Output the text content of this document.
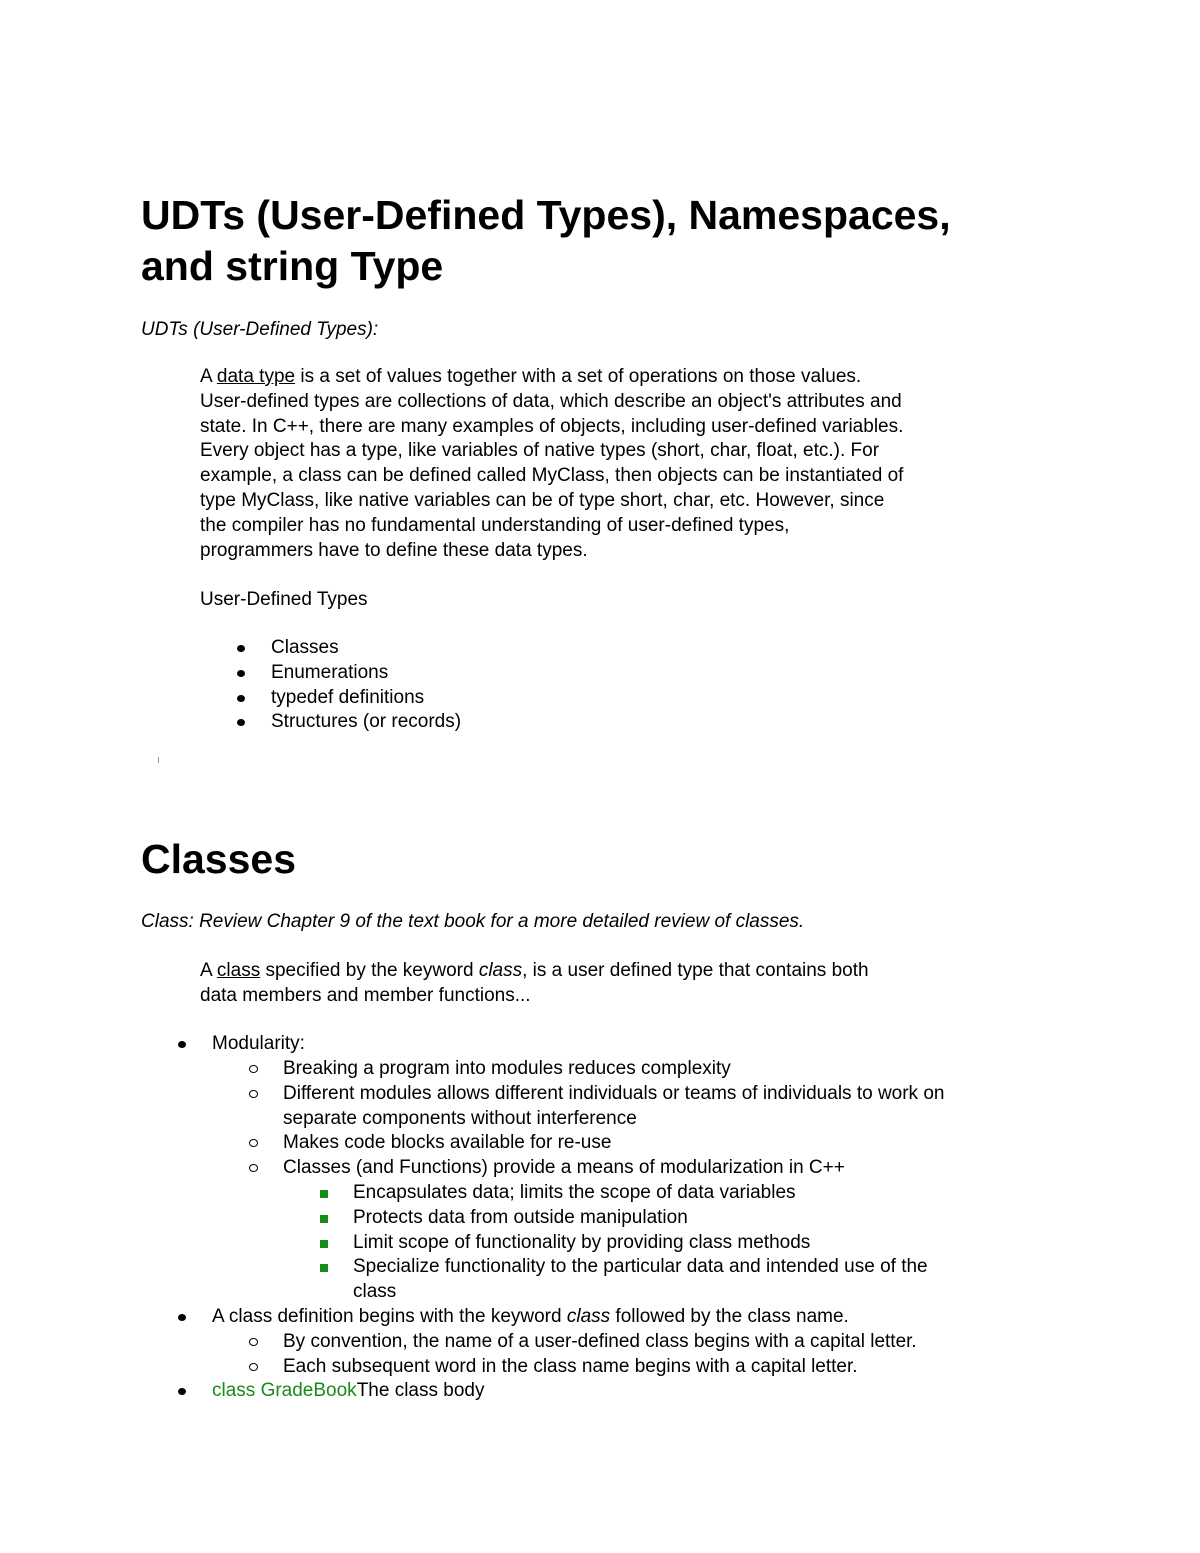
UDTs (User-Defined Types), Namespaces,
and string Type

UDTs (User-Defined Types):

A data type is a set of values together with a set of operations on those values.
User-defined types are collections of data, which describe an object's attributes and
state. In C++, there are many examples of objects, including user-defined variables.
Every object has a type, like variables of native types (short, char, float, etc.). For
example, a class can be defined called MyClass, then objects can be instantiated of
type MyClass, like native variables can be of type short, char, etc. However, since
the compiler has no fundamental understanding of user-defined types,
programmers have to define these data types.

User-Defined Types

Classes
Enumerations
typedef definitions
Structures (or records)
Classes

Class: Review Chapter 9 of the text book for a more detailed review of classes.

A class specified by the keyword class, is a user defined type that contains both
data members and member functions...
Modularity:
Breaking a program into modules reduces complexity
Different modules allows different individuals or teams of individuals to work on
separate components without interference
Makes code blocks available for re-use
Classes (and Functions) provide a means of modularization in C++
Encapsulates data; limits the scope of data variables
Protects data from outside manipulation
Limit scope of functionality by providing class methods
Specialize functionality to the particular data and intended use of the
class
A class definition begins with the keyword class followed by the class name.
By convention, the name of a user-defined class begins with a capital letter.
Each subsequent word in the class name begins with a capital letter.
class GradeBookThe class body
